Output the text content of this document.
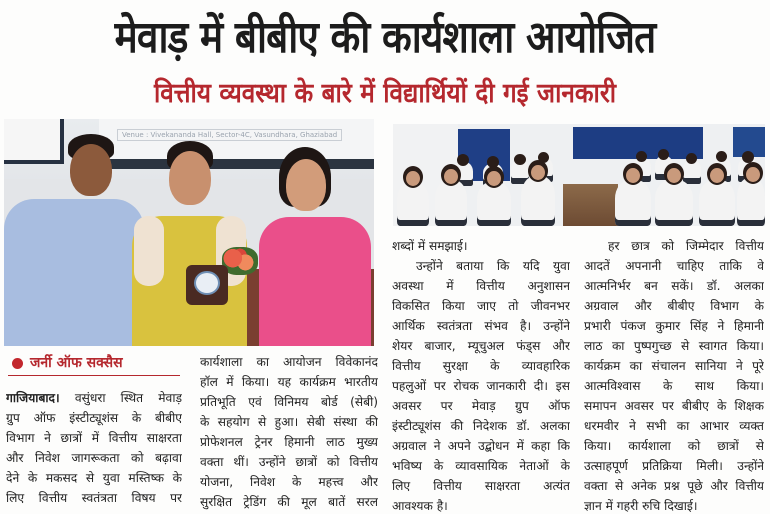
मेवाड़ में बीबीए की कार्यशाला आयोजित
वित्तीय व्यवस्था के बारे में विद्यार्थियों दी गई जानकारी
Venue : Vivekananda Hall, Sector-4C, Vasundhara, Ghaziabad
जर्नी ऑफ सक्सैस
गाजियाबाद। वसुंधरा स्थित मेवाड़
ग्रुप ऑफ इंस्टीट्यूशंस के बीबीए
विभाग ने छात्रों में वित्तीय साक्षरता
और निवेश जागरूकता को बढ़ावा
देने के मकसद से युवा मस्तिष्क के
लिए वित्तीय स्वतंत्रता विषय पर
कार्यशाला का आयोजन विवेकानंद
हॉल में किया। यह कार्यक्रम भारतीय
प्रतिभूति एवं विनिमय बोर्ड (सेबी)
के सहयोग से हुआ। सेबी संस्था की
प्रोफेशनल ट्रेनर हिमानी लाठ मुख्य
वक्ता थीं। उन्होंने छात्रों को वित्तीय
योजना, निवेश के महत्त्व और
सुरक्षित ट्रेडिंग की मूल बातें सरल
शब्दों में समझाई।
उन्होंने बताया कि यदि युवा
अवस्था में वित्तीय अनुशासन
विकसित किया जाए तो जीवनभर
आर्थिक स्वतंत्रता संभव है। उन्होंने
शेयर बाजार, म्यूचुअल फंड्स और
वित्तीय सुरक्षा के व्यावहारिक
पहलुओं पर रोचक जानकारी दी। इस
अवसर पर मेवाड़ ग्रुप ऑफ
इंस्टीट्यूशंस की निदेशक डॉ. अलका
अग्रवाल ने अपने उद्बोधन में कहा कि
भविष्य के व्यावसायिक नेताओं के
लिए वित्तीय साक्षरता अत्यंत
आवश्यक है।
हर छात्र को जिम्मेदार वित्तीय
आदतें अपनानी चाहिए ताकि वे
आत्मनिर्भर बन सकें। डॉ. अलका
अग्रवाल और बीबीए विभाग के
प्रभारी पंकज कुमार सिंह ने हिमानी
लाठ का पुष्पगुच्छ से स्वागत किया।
कार्यक्रम का संचालन सानिया ने पूरे
आत्मविश्वास के साथ किया।
समापन अवसर पर बीबीए के शिक्षक
धरमवीर ने सभी का आभार व्यक्त
किया। कार्यशाला को छात्रों से
उत्साहपूर्ण प्रतिक्रिया मिली। उन्होंने
वक्ता से अनेक प्रश्न पूछे और वित्तीय
ज्ञान में गहरी रुचि दिखाई।
